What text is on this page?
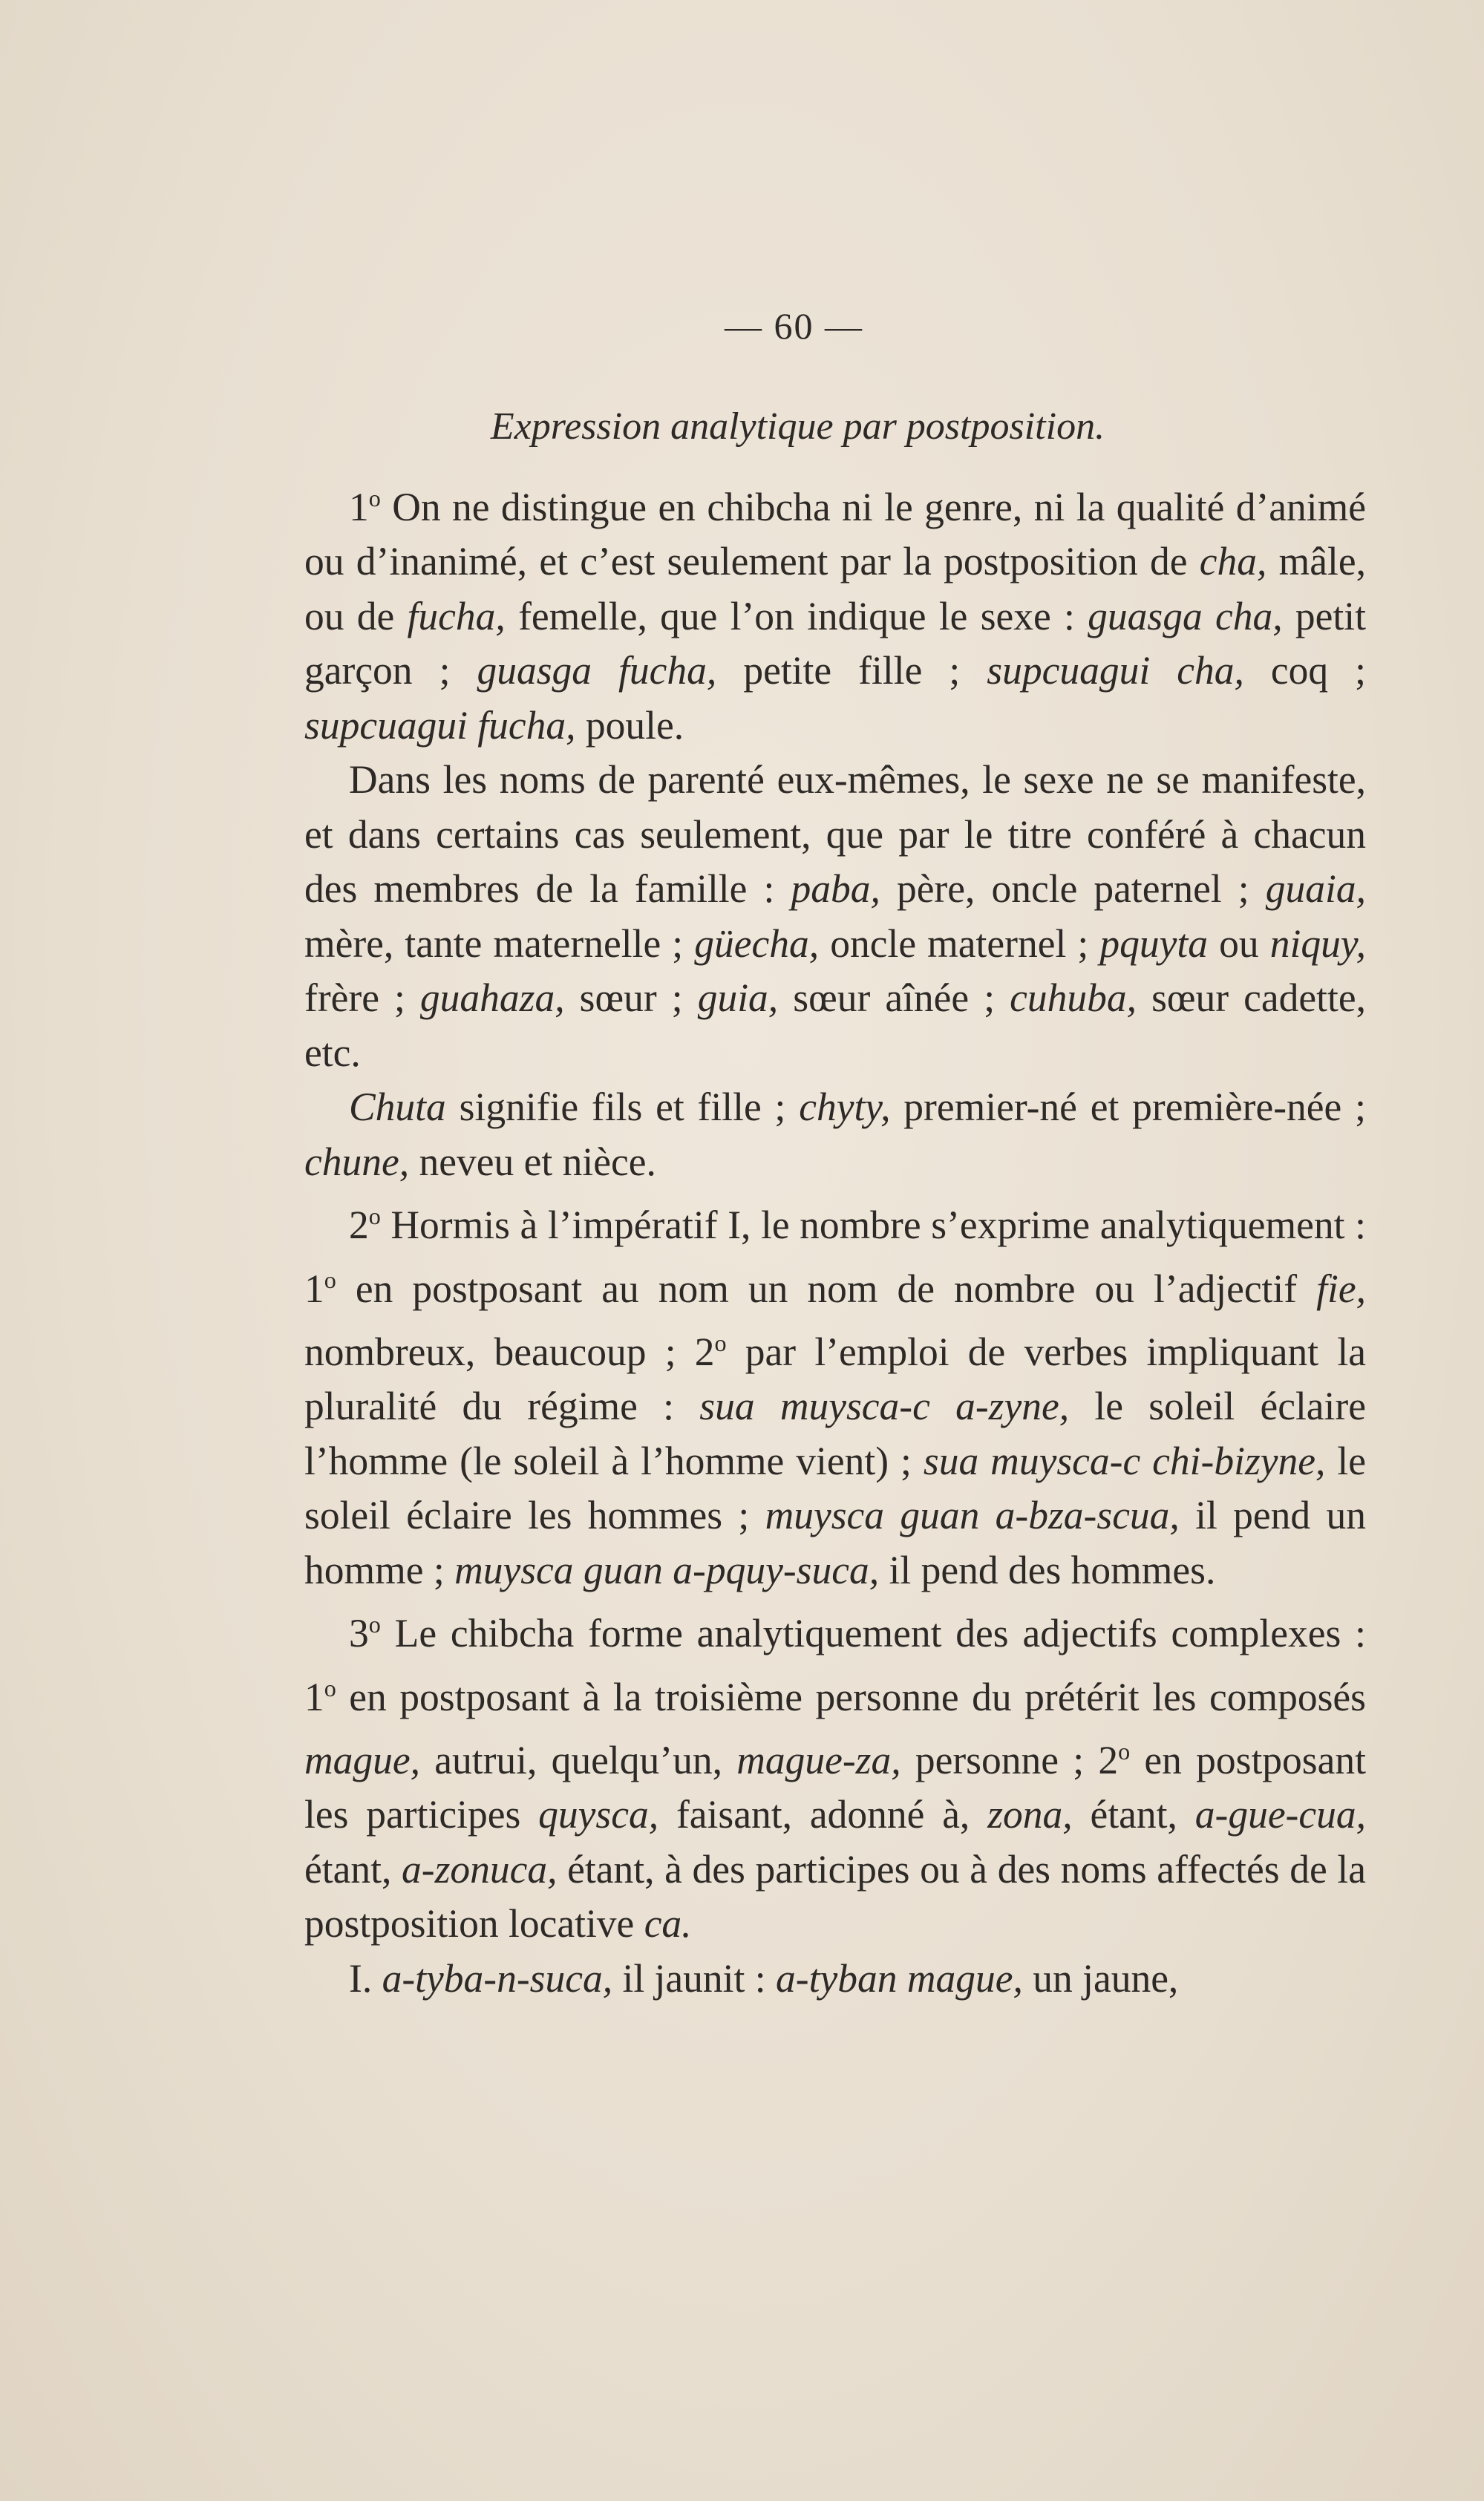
— 60 —
Expression analytique par postposition.

1$^o$ On ne distingue en chibcha ni le genre, ni la qualité d’animé ou d’inanimé, et c’est seulement par la postposition de cha, mâle, ou de fucha, femelle, que l’on indique le sexe : guasga cha, petit garçon ; guasga fucha, petite fille ; supcuagui cha, coq ; supcuagui fucha, poule.

Dans les noms de parenté eux-mêmes, le sexe ne se manifeste, et dans certains cas seulement, que par le titre conféré à chacun des membres de la famille : paba, père, oncle paternel ; guaia, mère, tante maternelle ; güecha, oncle maternel ; pquyta ou niquy, frère ; guahaza, sœur ; guia, sœur aînée ; cuhuba, sœur cadette, etc.

Chuta signifie fils et fille ; chyty, premier-né et première-née ; chune, neveu et nièce.

2$^o$ Hormis à l’impératif I, le nombre s’exprime analytiquement : 1$^o$ en postposant au nom un nom de nombre ou l’adjectif fie, nombreux, beaucoup ; 2$^o$ par l’emploi de verbes impliquant la pluralité du régime : sua muysca-c a-zyne, le soleil éclaire l’homme (le soleil à l’homme vient) ; sua muysca-c chi-bizyne, le soleil éclaire les hommes ; muysca guan a-bza-scua, il pend un homme ; muysca guan a-pquy-suca, il pend des hommes.

3$^o$ Le chibcha forme analytiquement des adjectifs complexes : 1$^o$ en postposant à la troisième personne du prétérit les composés mague, autrui, quelqu’un, mague-za, personne ; 2$^o$ en postposant les participes quysca, faisant, adonné à, zona, étant, a-gue-cua, étant, a-zonuca, étant, à des participes ou à des noms affectés de la postposition locative ca.

I. a-tyba-n-suca, il jaunit : a-tyban mague, un jaune,
